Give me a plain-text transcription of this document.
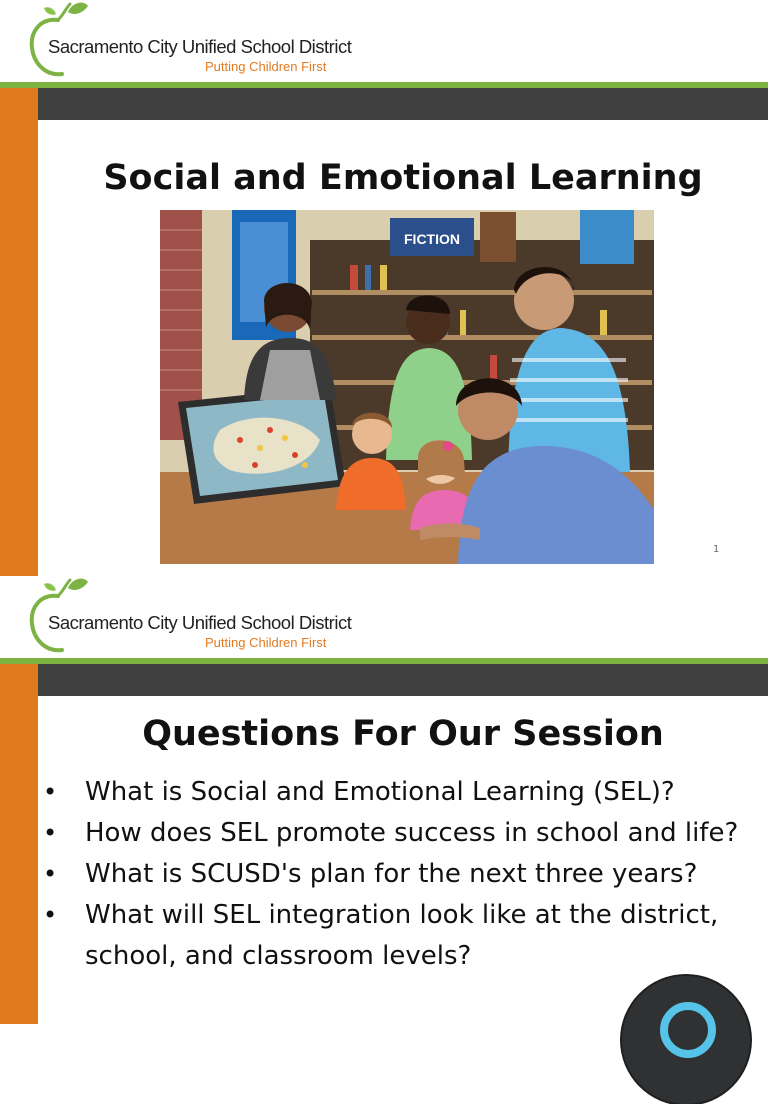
Sacramento City Unified School District
Putting Children First
Social and Emotional Learning
FICTION
1
Sacramento City Unified School District
Putting Children First
Questions For Our Session
• What is Social and Emotional Learning (SEL)?
• How does SEL promote success in school and life?
• What is SCUSD's plan for the next three years?
• What will SEL integration look like at the district, school, and classroom levels?
